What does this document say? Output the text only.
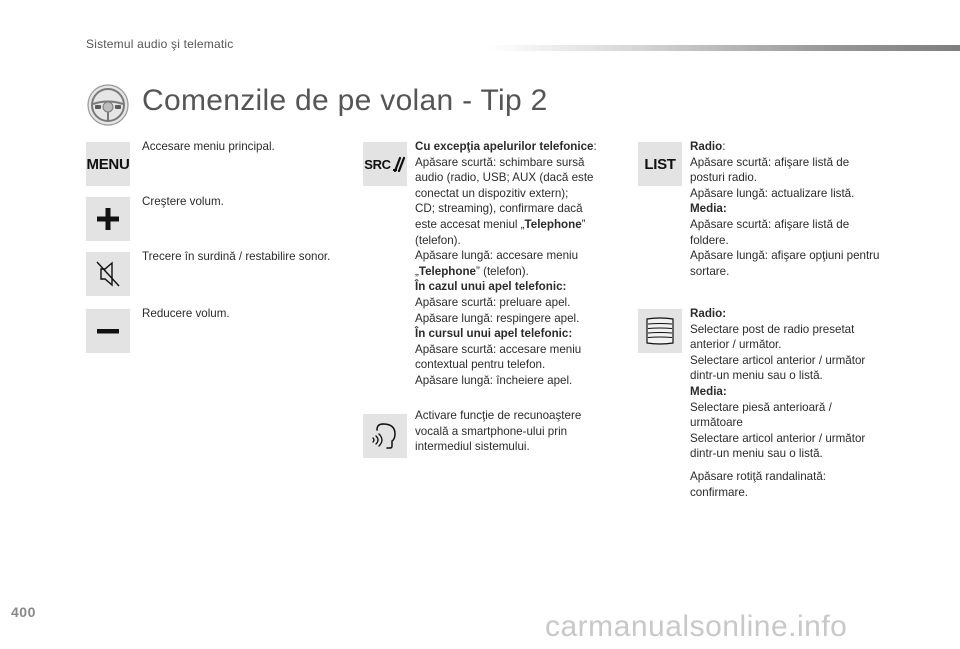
Sistemul audio şi telematic
Comenzile de pe volan - Tip 2
MENU

Accesare meniu principal.

Creştere volum.

Trecere în surdină / restabilire sonor.

Reducere volum.

SRC

Cu excepţia apelurilor telefonice:

Apăsare scurtă: schimbare sursă

audio (radio, USB; AUX (dacă este

conectat un dispozitiv extern);

CD; streaming), confirmare dacă

este accesat meniul „Telephone”

(telefon).

Apăsare lungă: accesare meniu

„Telephone” (telefon).

În cazul unui apel telefonic:

Apăsare scurtă: preluare apel.

Apăsare lungă: respingere apel.

În cursul unui apel telefonic:

Apăsare scurtă: accesare meniu

contextual pentru telefon.

Apăsare lungă: încheiere apel.

Activare funcţie de recunoaştere

vocală a smartphone-ului prin

intermediul sistemului.

LIST

Radio:

Apăsare scurtă: afişare listă de

posturi radio.

Apăsare lungă: actualizare listă.

Media:

Apăsare scurtă: afişare listă de

foldere.

Apăsare lungă: afişare opţiuni pentru

sortare.

Radio:

Selectare post de radio presetat

anterior / următor.

Selectare articol anterior / următor

dintr-un meniu sau o listă.

Media:

Selectare piesă anterioară /

următoare

Selectare articol anterior / următor

dintr-un meniu sau o listă.

Apăsare rotiţă randalinată:

confirmare.

400	carmanualsonline.info
